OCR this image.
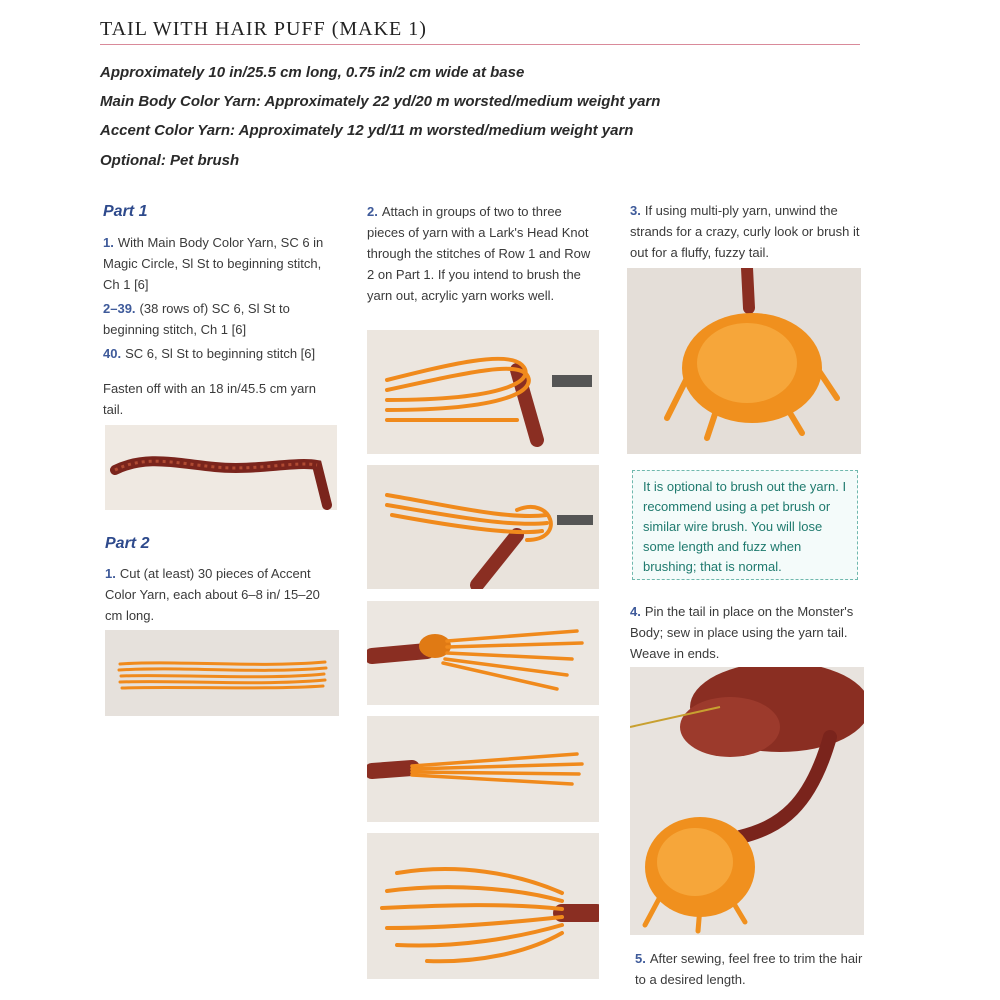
TAIL WITH HAIR PUFF (MAKE 1)
Approximately 10 in/25.5 cm long, 0.75 in/2 cm wide at base
Main Body Color Yarn: Approximately 22 yd/20 m worsted/medium weight yarn
Accent Color Yarn: Approximately 12 yd/11 m worsted/medium weight yarn
Optional: Pet brush
Part 1
1. With Main Body Color Yarn, SC 6 in Magic Circle, Sl St to beginning stitch, Ch 1 [6]
2–39. (38 rows of) SC 6, Sl St to beginning stitch, Ch 1 [6]
40. SC 6, Sl St to beginning stitch [6]
Fasten off with an 18 in/45.5 cm yarn tail.
Part 2
1. Cut (at least) 30 pieces of Accent Color Yarn, each about 6–8 in/ 15–20 cm long.
2. Attach in groups of two to three pieces of yarn with a Lark's Head Knot through the stitches of Row 1 and Row 2 on Part 1. If you intend to brush the yarn out, acrylic yarn works well.
3. If using multi-ply yarn, unwind the strands for a crazy, curly look or brush it out for a fluffy, fuzzy tail.
It is optional to brush out the yarn. I recommend using a pet brush or similar wire brush. You will lose some length and fuzz when brushing; that is normal.
4. Pin the tail in place on the Monster's Body; sew in place using the yarn tail. Weave in ends.
5. After sewing, feel free to trim the hair to a desired length.
